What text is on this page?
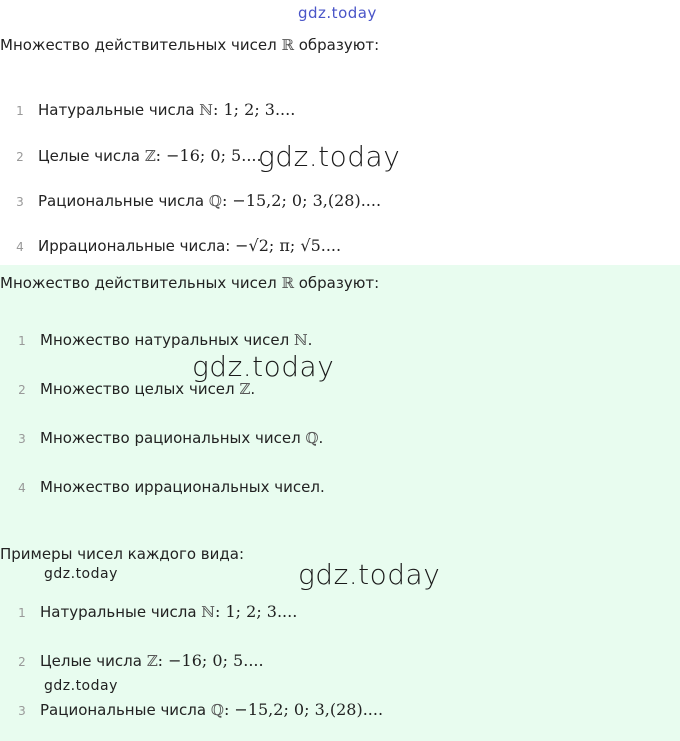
gdz.today
Множество действительных чисел ℝ образуют:
1 Натуральные числа ℕ: 1; 2; 3....
2 Целые числа ℤ: −16; 0; 5....
3 Рациональные числа ℚ: −15,2; 0; 3,(28)....
4 Иррациональные числа: −√2; π; √5....
gdz.today
Множество действительных чисел ℝ образуют:
1 Множество натуральных чисел ℕ.
2 Множество целых чисел ℤ.
3 Множество рациональных чисел ℚ.
4 Множество иррациональных чисел.
gdz.today
Примеры чисел каждого вида:
gdz.today	gdz.today
1 Натуральные числа ℕ: 1; 2; 3....
2 Целые числа ℤ: −16; 0; 5....
gdz.today
3 Рациональные числа ℚ: −15,2; 0; 3,(28)....
